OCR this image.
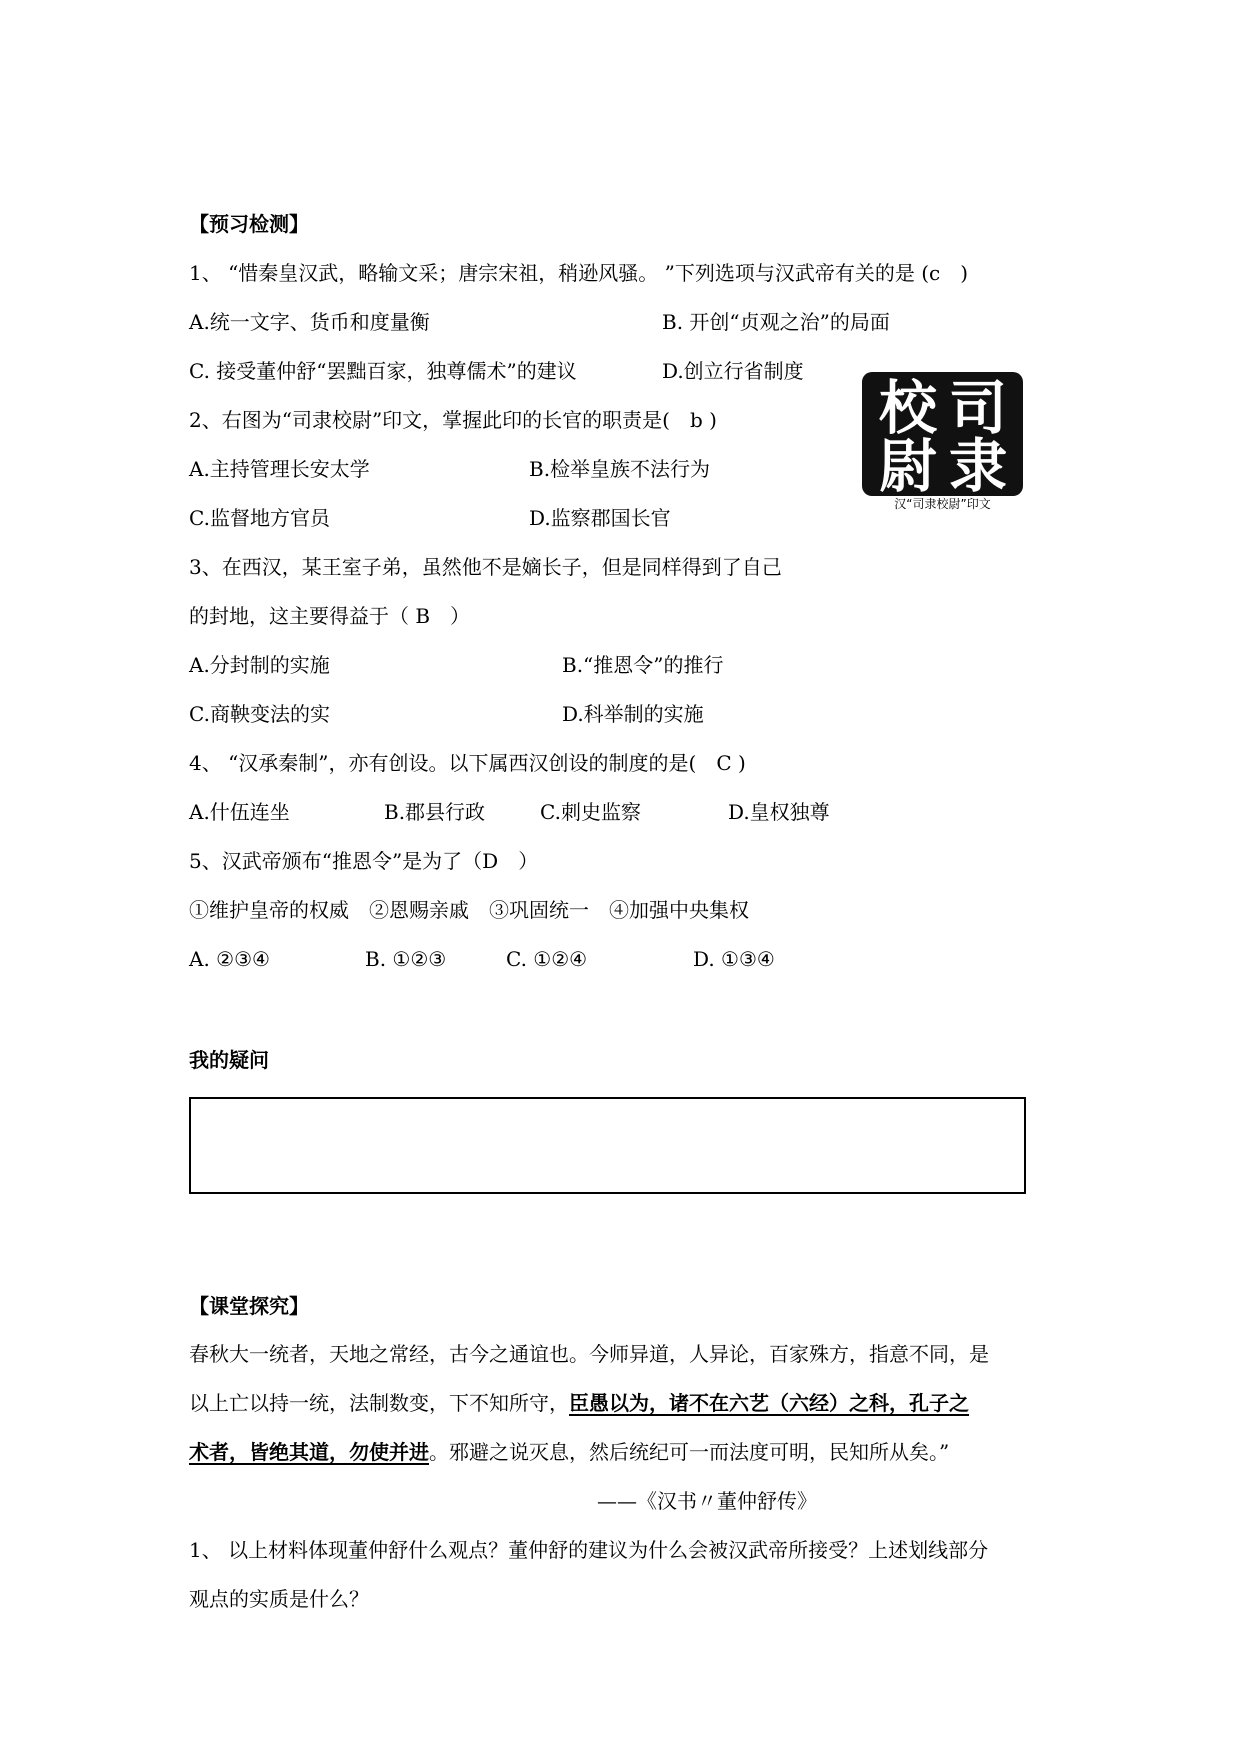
【预习检测】
1、 “惜秦皇汉武，略输文采；唐宗宋祖，稍逊风骚。 ”下列选项与汉武帝有关的是 (c　)
A.统一文字、货币和度量衡	B. 开创“贞观之治”的局面
C. 接受董仲舒“罢黜百家，独尊儒术”的建议	D.创立行省制度
2、右图为“司隶校尉”印文，掌握此印的长官的职责是(　b )
A.主持管理长安太学	B.检举皇族不法行为
C.监督地方官员	D.监察郡国长官
司
隶
校
尉
汉“司隶校尉”印文
3、在西汉，某王室子弟，虽然他不是嫡长子，但是同样得到了自己
的封地，这主要得益于（ B　）
A.分封制的实施	B.“推恩令”的推行
C.商鞅变法的实	D.科举制的实施
4、 “汉承秦制”，亦有创设。以下属西汉创设的制度的是(　C )
A.什伍连坐	B.郡县行政	C.刺史监察	D.皇权独尊
5、汉武帝颁布“推恩令”是为了（D　）
①维护皇帝的权威　②恩赐亲戚　③巩固统一　④加强中央集权
A. ②③④	B. ①②③	C. ①②④	D. ①③④
我的疑问
【课堂探究】
春秋大一统者，天地之常经，古今之通谊也。今师异道，人异论，百家殊方，指意不同，是
以上亡以持一统，法制数变，下不知所守，臣愚以为，诸不在六艺（六经）之科，孔子之
术者，皆绝其道，勿使并进。邪避之说灭息，然后统纪可一而法度可明，民知所从矣。”
——《汉书〃董仲舒传》
1、 以上材料体现董仲舒什么观点？董仲舒的建议为什么会被汉武帝所接受？上述划线部分
观点的实质是什么？
